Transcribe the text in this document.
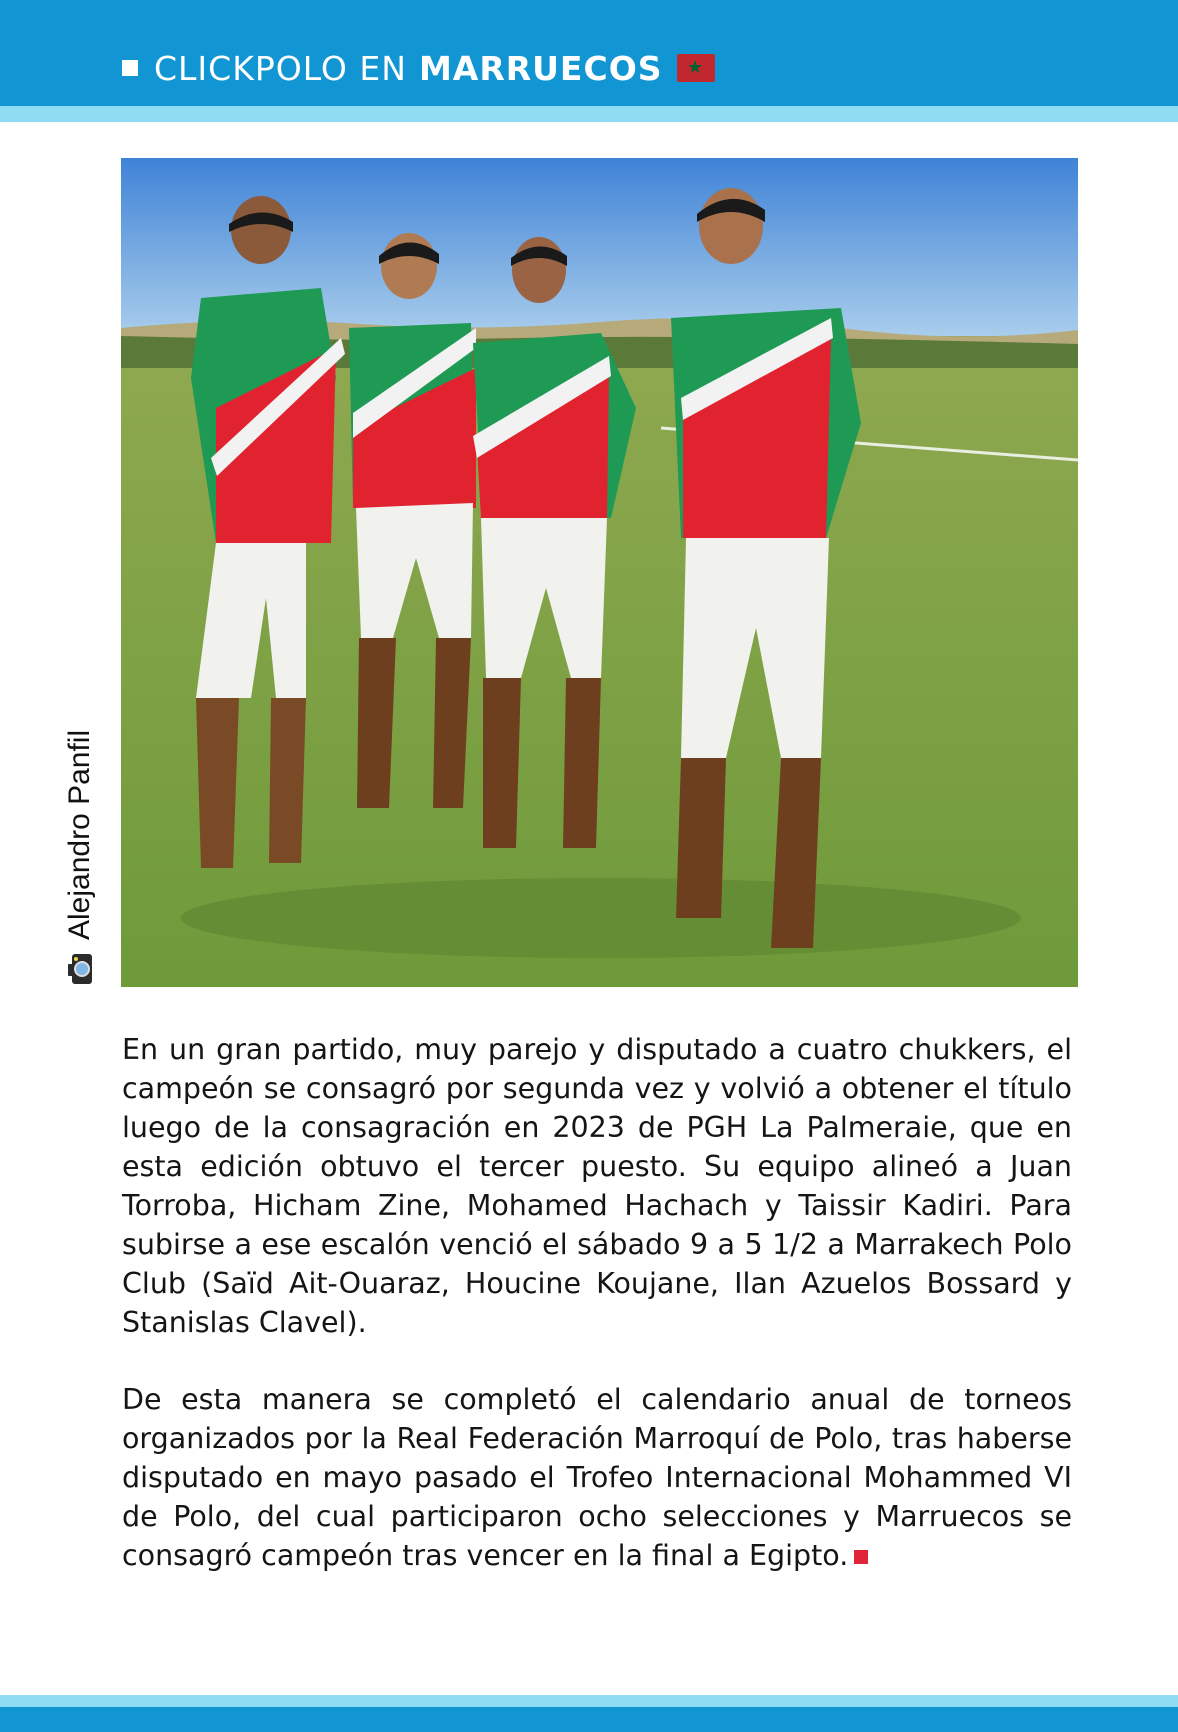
CLICKPOLO EN MARRUECOS ★
Alejandro Panfil

En un gran partido, muy parejo y disputado a cuatro chukkers, el campeón se consagró por segunda vez y volvió a obtener el título luego de la consagración en 2023 de PGH La Palmeraie, que en esta edición obtuvo el tercer puesto. Su equipo alineó a Juan Torroba, Hicham Zine, Mohamed Hachach y Taissir Kadiri. Para subirse a ese escalón venció el sábado 9 a 5 1/2 a Marrakech Polo Club (Saïd Ait-Ouaraz, Houcine Koujane, Ilan Azuelos Bossard y Stanislas Clavel).

De esta manera se completó el calendario anual de torneos organizados por la Real Federación Marroquí de Polo, tras haberse disputado en mayo pasado el Trofeo Internacional Mohammed VI de Polo, del cual participaron ocho selecciones y Marruecos se consagró campeón tras vencer en la final a Egipto.
